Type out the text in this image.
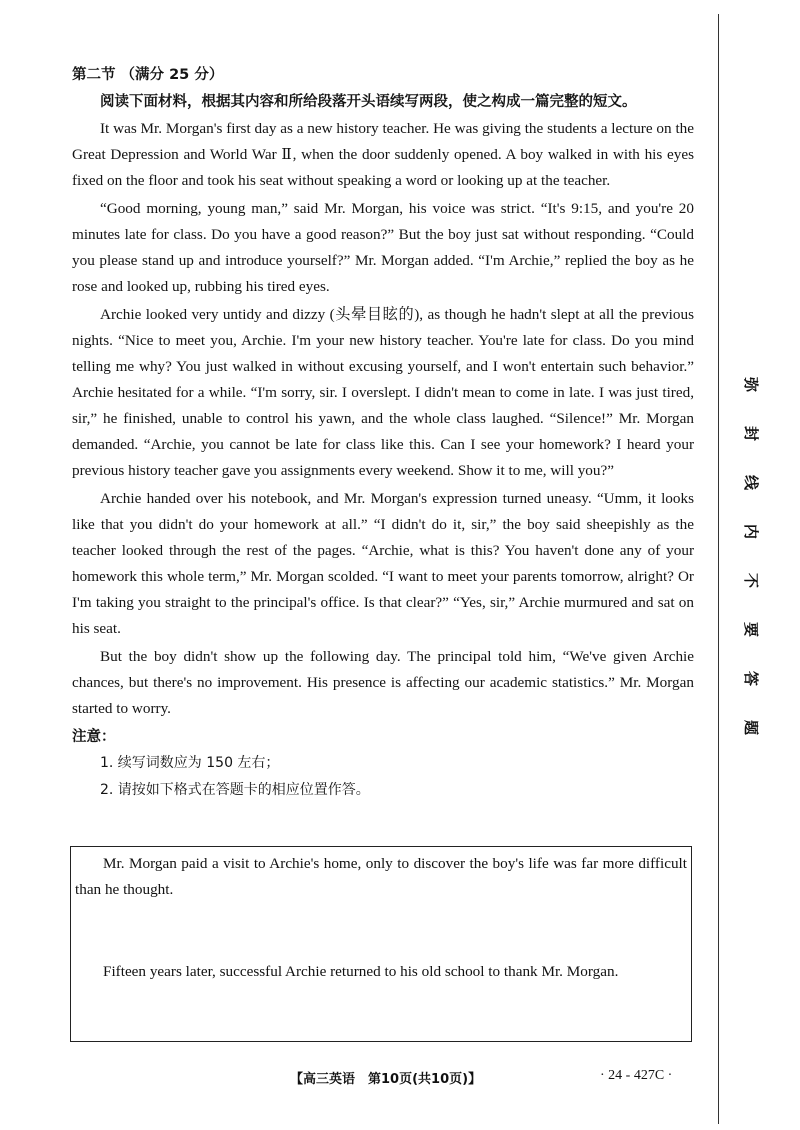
弥
封
线
内
不
要
答
题

第二节 （满分 25 分）

阅读下面材料，根据其内容和所给段落开头语续写两段，使之构成一篇完整的短文。

It was Mr. Morgan's first day as a new history teacher. He was giving the students a lecture on the Great Depression and World War Ⅱ, when the door suddenly opened. A boy walked in with his eyes fixed on the floor and took his seat without speaking a word or looking up at the teacher.

“Good morning, young man,” said Mr. Morgan, his voice was strict. “It's 9:15, and you're 20 minutes late for class. Do you have a good reason?” But the boy just sat without responding. “Could you please stand up and introduce yourself?” Mr. Morgan added. “I'm Archie,” replied the boy as he rose and looked up, rubbing his tired eyes.

Archie looked very untidy and dizzy (头晕目眩的), as though he hadn't slept at all the previous nights. “Nice to meet you, Archie. I'm your new history teacher. You're late for class. Do you mind telling me why? You just walked in without excusing yourself, and I won't entertain such behavior.” Archie hesitated for a while. “I'm sorry, sir. I overslept. I didn't mean to come in late. I was just tired, sir,” he finished, unable to control his yawn, and the whole class laughed. “Silence!” Mr. Morgan demanded. “Archie, you cannot be late for class like this. Can I see your homework? I heard your previous history teacher gave you assignments every weekend. Show it to me, will you?”

Archie handed over his notebook, and Mr. Morgan's expression turned uneasy. “Umm, it looks like that you didn't do your homework at all.” “I didn't do it, sir,” the boy said sheepishly as the teacher looked through the rest of the pages. “Archie, what is this? You haven't done any of your homework this whole term,” Mr. Morgan scolded. “I want to meet your parents tomorrow, alright? Or I'm taking you straight to the principal's office. Is that clear?” “Yes, sir,” Archie murmured and sat on his seat.

But the boy didn't show up the following day. The principal told him, “We've given Archie chances, but there's no improvement. His presence is affecting our academic statistics.” Mr. Morgan started to worry.

注意：

1. 续写词数应为 150 左右；

2. 请按如下格式在答题卡的相应位置作答。

Mr. Morgan paid a visit to Archie's home, only to discover the boy's life was far more difficult than he thought.

Fifteen years later, successful Archie returned to his old school to thank Mr. Morgan.

【高三英语　第10页(共10页)】	· 24 - 427C ·
